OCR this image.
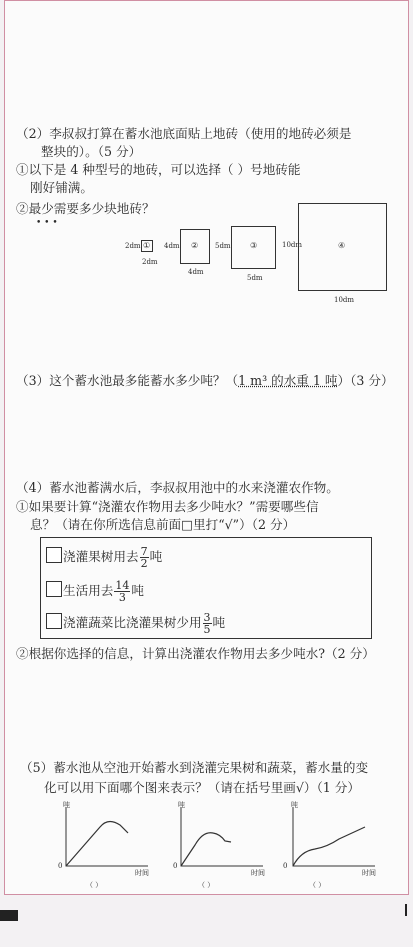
（2）李叔叔打算在蓄水池底面贴上地砖（使用的地砖必须是
整块的）。（5 分）
①以下是 4 种型号的地砖，可以选择（ ）号地砖能
刚好铺满。
②最少需要多少块地砖？
• • •
2dm ①
2dm
4dm ②
4dm
5dm ③
5dm
10dm	④
10dm
（3）这个蓄水池最多能蓄水多少吨？（1 m³ 的水重 1 吨）（3 分）
（4）蓄水池蓄满水后，李叔叔用池中的水来浇灌农作物。
①如果要计算“浇灌农作物用去多少吨水？”需要哪些信
息？（请在你所选信息前面□里打“√”）（2 分）
浇灌果树用去 $\frac{7}{2}$ 吨
生活用去 $\frac{14}{3}$ 吨
浇灌蔬菜比浇灌果树少用 $\frac{3}{5}$ 吨
②根据你选择的信息，计算出浇灌农作物用去多少吨水?（2 分）
（5）蓄水池从空池开始蓄水到浇灌完果树和蔬菜，蓄水量的变
化可以用下面哪个图来表示？（请在括号里画√）（1 分）
吨
0
时间
（ ）
吨
0
时间
（ ）
吨
0
时间
（ ）
